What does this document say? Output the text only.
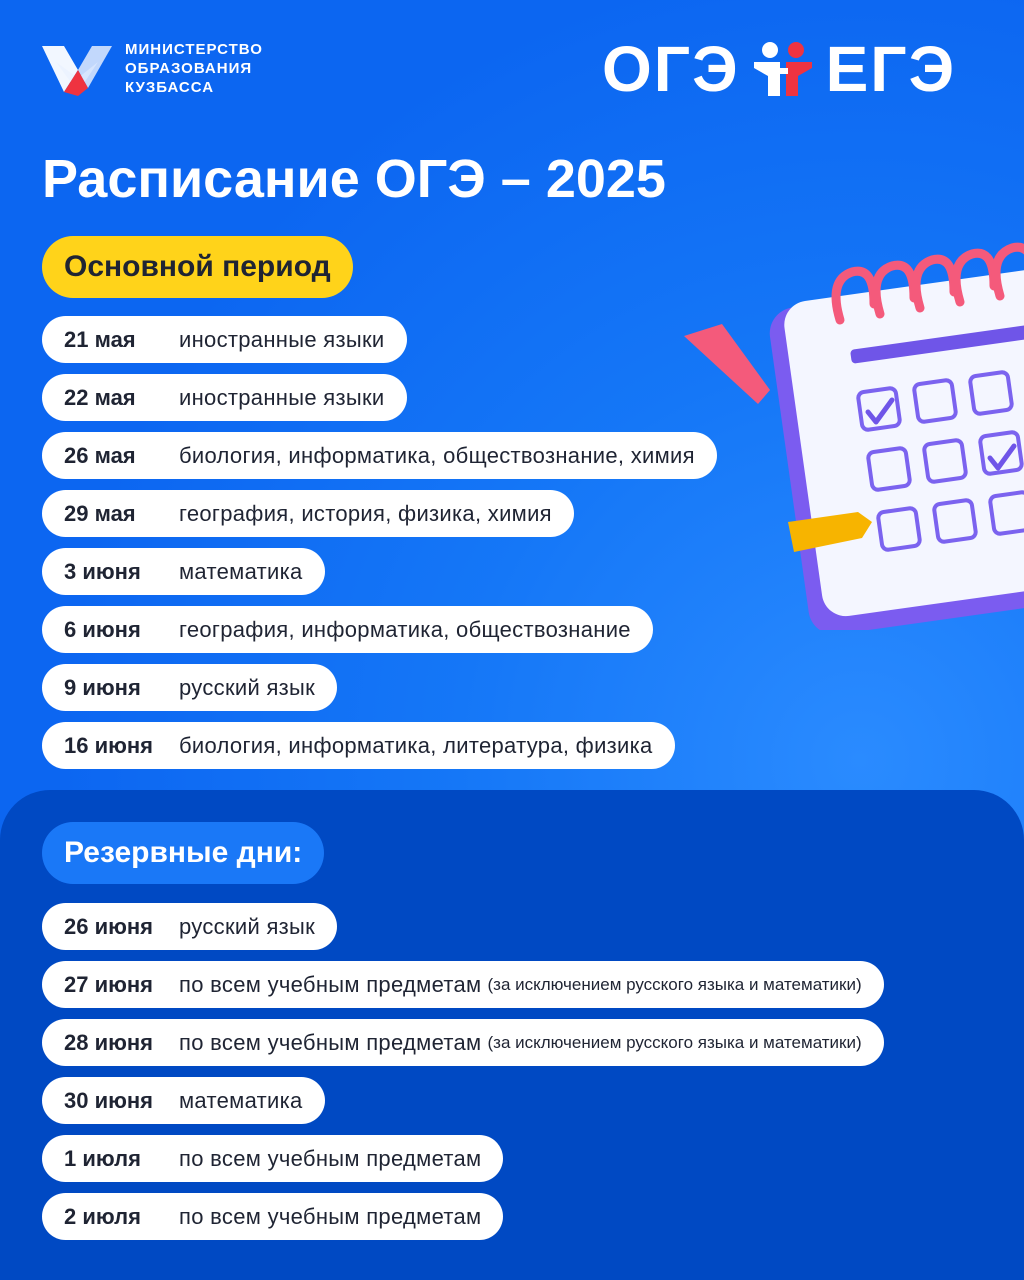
МИНИСТЕРСТВО
ОБРАЗОВАНИЯ
КУЗБАССА	ОГЭ ЕГЭ
Расписание ОГЭ – 2025
Основной период
21 мая	иностранные языки
22 мая	иностранные языки
26 мая	биология, информатика, обществознание, химия
29 мая	география, история, физика, химия
3 июня	математика
6 июня	география, информатика, обществознание
9 июня	русский язык
16 июня	биология, информатика, литература, физика
Резервные дни:
26 июня	русский язык
27 июня	по всем учебным предметам (за исключением русского языка и математики)
28 июня	по всем учебным предметам (за исключением русского языка и математики)
30 июня	математика
1 июля	по всем учебным предметам
2 июля	по всем учебным предметам
